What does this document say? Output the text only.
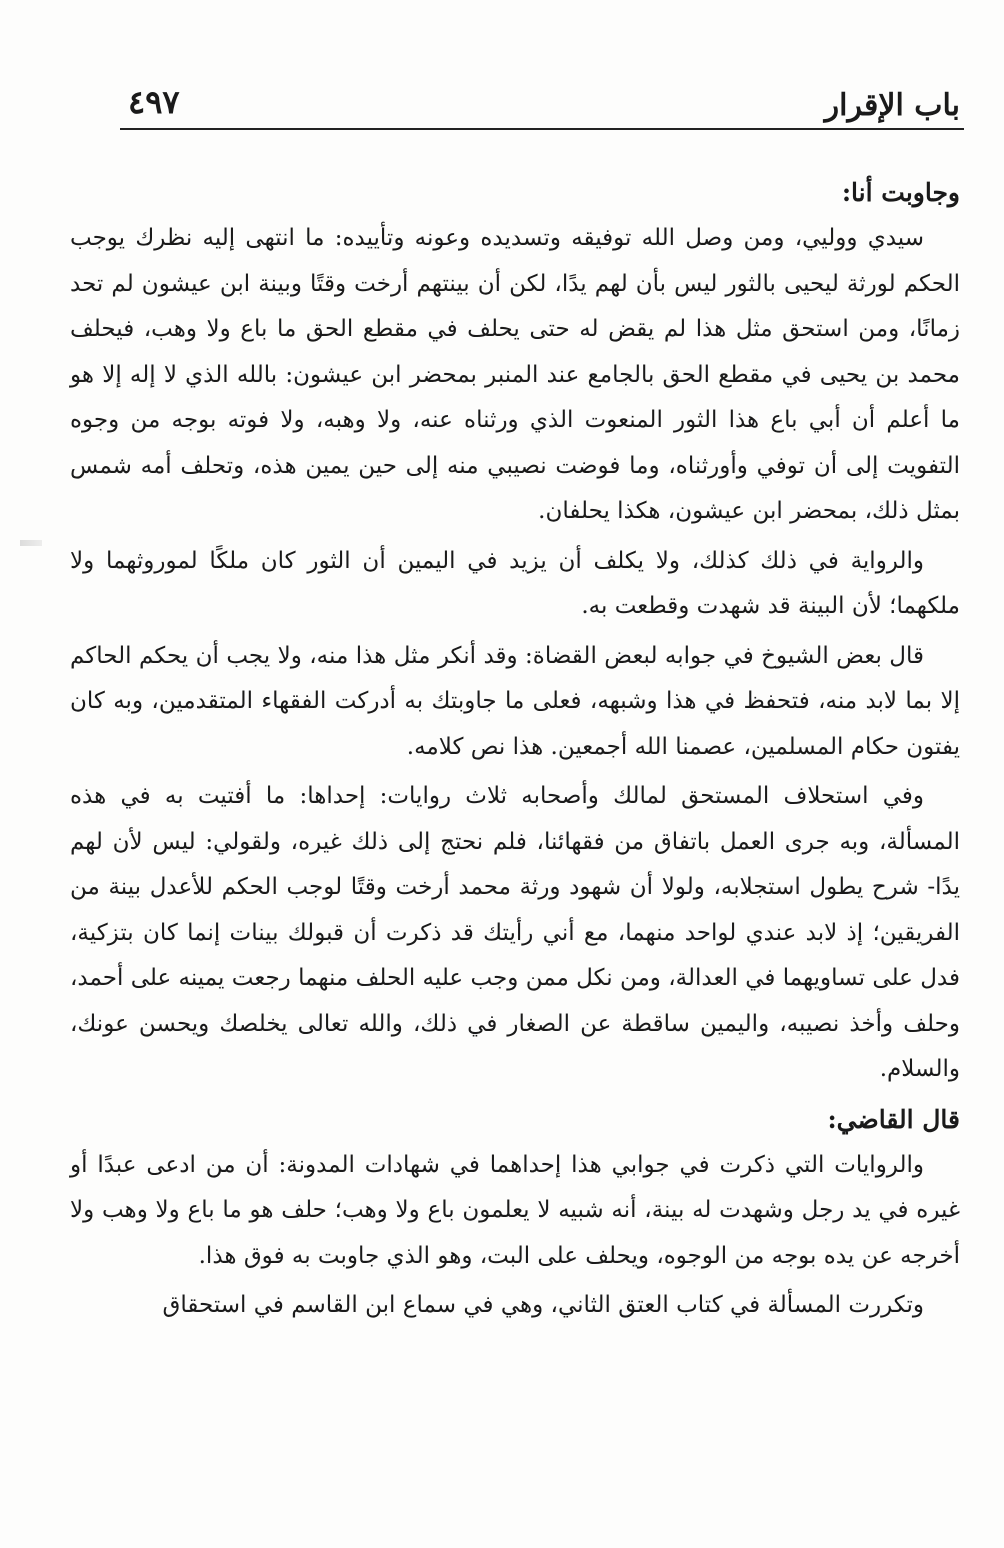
باب الإقرار
٤٩٧
وجاوبت أنا:

سيدي ووليي، ومن وصل الله توفيقه وتسديده وعونه وتأييده: ما انتهى إليه نظرك يوجب الحكم لورثة ليحيى بالثور ليس بأن لهم يدًا، لكن أن بينتهم أرخت وقتًا وبينة ابن عيشون لم تحد زمانًا، ومن استحق مثل هذا لم يقض له حتى يحلف في مقطع الحق ما باع ولا وهب، فيحلف محمد بن يحيى في مقطع الحق بالجامع عند المنبر بمحضر ابن عيشون: بالله الذي لا إله إلا هو ما أعلم أن أبي باع هذا الثور المنعوت الذي ورثناه عنه، ولا وهبه، ولا فوته بوجه من وجوه التفويت إلى أن توفي وأورثناه، وما فوضت نصيبي منه إلى حين يمين هذه، وتحلف أمه شمس بمثل ذلك، بمحضر ابن عيشون، هكذا يحلفان.

والرواية في ذلك كذلك، ولا يكلف أن يزيد في اليمين أن الثور كان ملكًا لموروثهما ولا ملكهما؛ لأن البينة قد شهدت وقطعت به.

قال بعض الشيوخ في جوابه لبعض القضاة: وقد أنكر مثل هذا منه، ولا يجب أن يحكم الحاكم إلا بما لابد منه، فتحفظ في هذا وشبهه، فعلى ما جاوبتك به أدركت الفقهاء المتقدمين، وبه كان يفتون حكام المسلمين، عصمنا الله أجمعين. هذا نص كلامه.

وفي استحلاف المستحق لمالك وأصحابه ثلاث روايات: إحداها: ما أفتيت به في هذه المسألة، وبه جرى العمل باتفاق من فقهائنا، فلم نحتج إلى ذلك غيره، ولقولي: ليس لأن لهم يدًا- شرح يطول استجلابه، ولولا أن شهود ورثة محمد أرخت وقتًا لوجب الحكم للأعدل بينة من الفريقين؛ إذ لابد عندي لواحد منهما، مع أني رأيتك قد ذكرت أن قبولك بينات إنما كان بتزكية، فدل على تساويهما في العدالة، ومن نكل ممن وجب عليه الحلف منهما رجعت يمينه على أحمد، وحلف وأخذ نصيبه، واليمين ساقطة عن الصغار في ذلك، والله تعالى يخلصك ويحسن عونك، والسلام.

قال القاضي:

والروايات التي ذكرت في جوابي هذا إحداهما في شهادات المدونة: أن من ادعى عبدًا أو غيره في يد رجل وشهدت له بينة، أنه شبيه لا يعلمون باع ولا وهب؛ حلف هو ما باع ولا وهب ولا أخرجه عن يده بوجه من الوجوه، ويحلف على البت، وهو الذي جاوبت به فوق هذا.

وتكررت المسألة في كتاب العتق الثاني، وهي في سماع ابن القاسم في استحقاق
